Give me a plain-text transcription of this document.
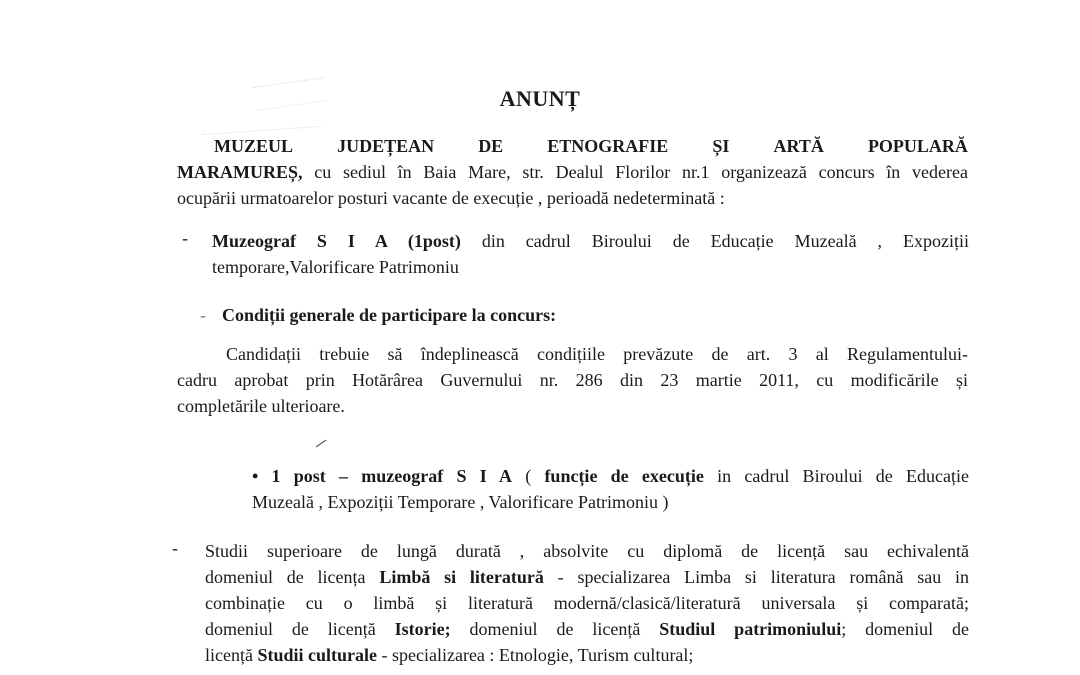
ANUNȚ
MUZEUL JUDEȚEAN DE ETNOGRAFIE ȘI ARTĂ POPULARĂ
MARAMUREȘ, cu sediul în Baia Mare, str. Dealul Florilor nr.1 organizează concurs în vederea
ocupării urmatoarelor posturi vacante de execuție , perioadă nedeterminată :
- Muzeograf S I A (1post) din cadrul Biroului de Educație Muzeală , Expoziții
temporare,Valorificare Patrimoniu
- Condiții generale de participare la concurs:
Candidații trebuie să îndeplinească condițiile prevăzute de art. 3 al Regulamentului-
cadru aprobat prin Hotărârea Guvernului nr. 286 din 23 martie 2011, cu modificările și
completările ulterioare.
• 1 post – muzeograf S I A ( funcție de execuție in cadrul Biroului de Educație
Muzeală , Expoziții Temporare , Valorificare Patrimoniu )
- Studii superioare de lungă durată , absolvite cu diplomă de licență sau echivalentă
domeniul de licența Limbă si literatură - specializarea Limba si literatura română sau in
combinație cu o limbă și literatură modernă/clasică/literatură universala și comparată;
domeniul de licență Istorie; domeniul de licență Studiul patrimoniului; domeniul de
licență Studii culturale - specializarea : Etnologie, Turism cultural;
